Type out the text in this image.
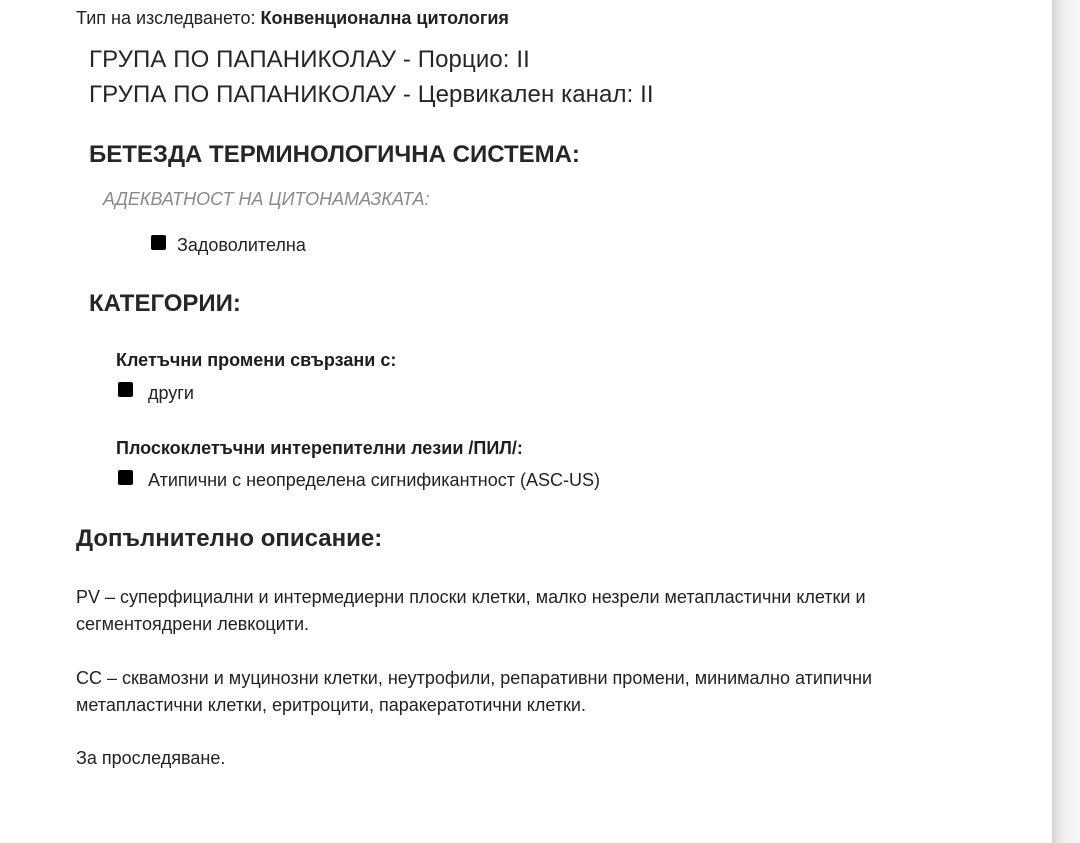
Тип на изследването: Конвенционална цитология
ГРУПА ПО ПАПАНИКОЛАУ - Порцио: II
ГРУПА ПО ПАПАНИКОЛАУ - Цервикален канал: II
БЕТЕЗДА ТЕРМИНОЛОГИЧНА СИСТЕМА:
АДЕКВАТНОСТ НА ЦИТОНАМАЗКАТА:
Задоволителна
КАТЕГОРИИ:
Клетъчни промени свързани с:
други
Плоскоклетъчни интерепителни лезии /ПИЛ/:
Атипични с неопределена сигнификантност (ASC-US)
Допълнително описание:
PV – суперфициални и интермедиерни плоски клетки, малко незрели метапластични клетки и сегментоядрени левкоцити.
CC – сквамозни и муцинозни клетки, неутрофили, репаративни промени, минимално атипични метапластични клетки, еритроцити, паракератотични клетки.
За проследяване.
